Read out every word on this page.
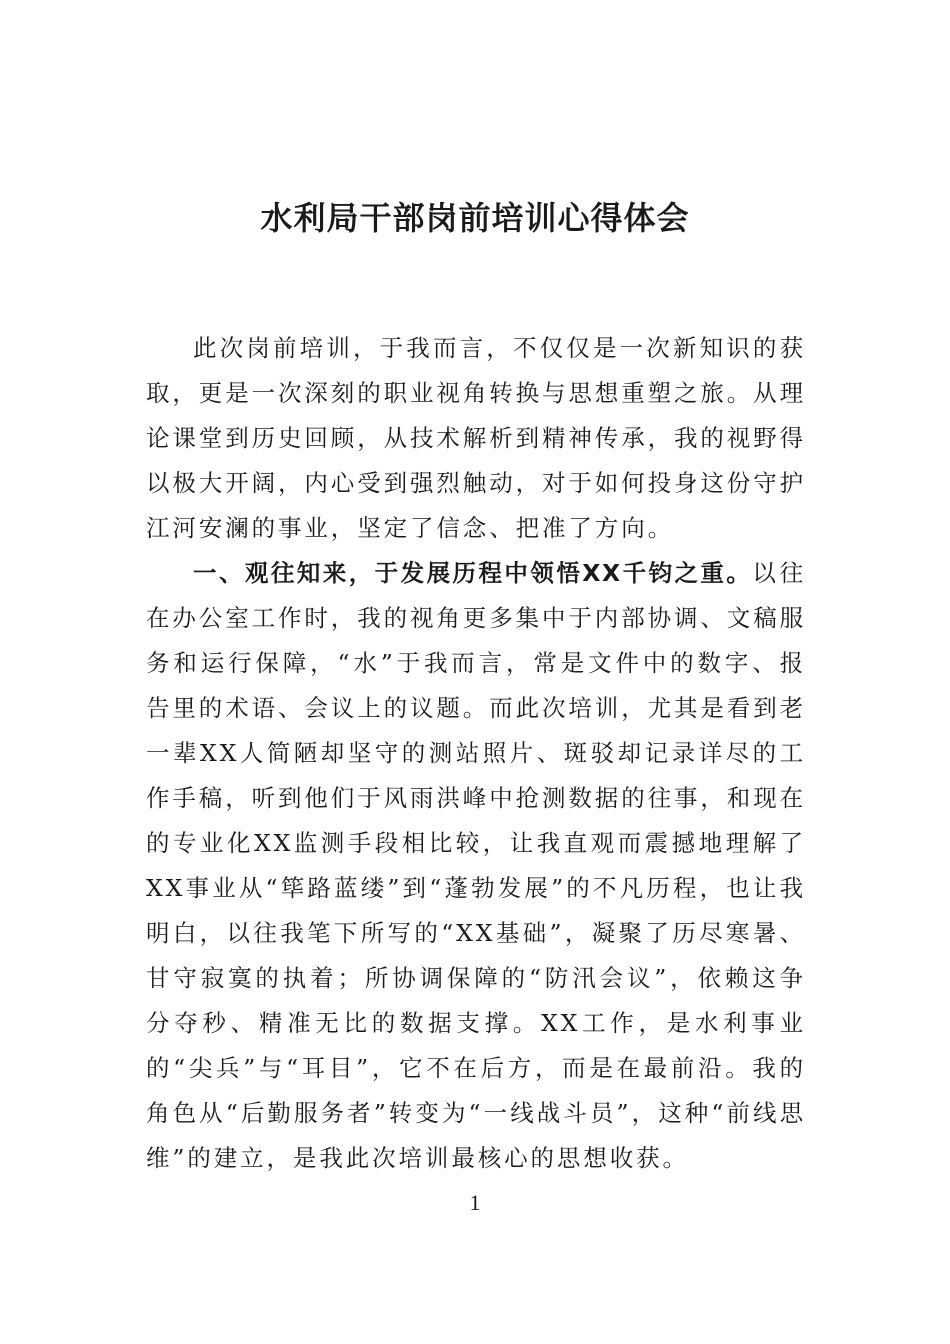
水利局干部岗前培训心得体会

此次岗前培训，于我而言，不仅仅是一次新知识的获取，更是一次深刻的职业视角转换与思想重塑之旅。从理论课堂到历史回顾，从技术解析到精神传承，我的视野得以极大开阔，内心受到强烈触动，对于如何投身这份守护江河安澜的事业，坚定了信念、把准了方向。

一、观往知来，于发展历程中领悟XX千钧之重。以往在办公室工作时，我的视角更多集中于内部协调、文稿服务和运行保障，“水”于我而言，常是文件中的数字、报告里的术语、会议上的议题。而此次培训，尤其是看到老一辈XX人简陋却坚守的测站照片、斑驳却记录详尽的工作手稿，听到他们于风雨洪峰中抢测数据的往事，和现在的专业化XX监测手段相比较，让我直观而震撼地理解了XX事业从“筚路蓝缕”到“蓬勃发展”的不凡历程，也让我明白，以往我笔下所写的“XX基础”，凝聚了历尽寒暑、甘守寂寞的执着；所协调保障的“防汛会议”，依赖这争分夺秒、精准无比的数据支撑。XX工作，是水利事业的“尖兵”与“耳目”，它不在后方，而是在最前沿。我的角色从“后勤服务者”转变为“一线战斗员”，这种“前线思维”的建立，是我此次培训最核心的思想收获。

1
